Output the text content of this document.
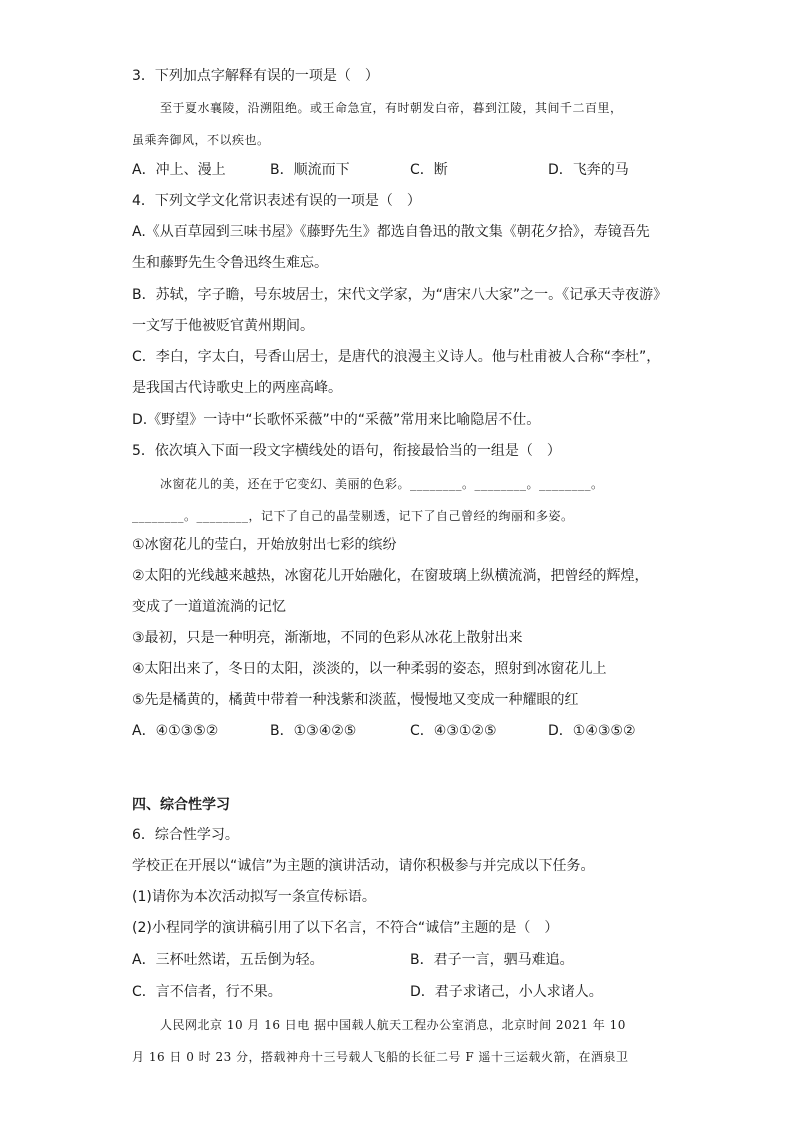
3．下列加点字解释有误的一项是（　）
至于夏水襄陵，沿溯阻绝。或王命急宣，有时朝发白帝，暮到江陵，其间千二百里，
虽乘奔御风，不以疾也。
A．冲上、漫上	B．顺流而下	C．断	D．飞奔的马
4．下列文学文化常识表述有误的一项是（　）
A.《从百草园到三味书屋》《藤野先生》都选自鲁迅的散文集《朝花夕拾》，寿镜吾先
生和藤野先生令鲁迅终生难忘。
B．苏轼，字子瞻，号东坡居士，宋代文学家，为“唐宋八大家”之一。《记承天寺夜游》
一文写于他被贬官黄州期间。
C．李白，字太白，号香山居士，是唐代的浪漫主义诗人。他与杜甫被人合称“李杜”，
是我国古代诗歌史上的两座高峰。
D.《野望》一诗中“长歌怀采薇”中的“采薇”常用来比喻隐居不仕。
5．依次填入下面一段文字横线处的语句，衔接最恰当的一组是（　）
冰窗花儿的美，还在于它变幻、美丽的色彩。________。________。________。
________。________，记下了自己的晶莹剔透，记下了自己曾经的绚丽和多姿。
①冰窗花儿的莹白，开始放射出七彩的缤纷
②太阳的光线越来越热，冰窗花儿开始融化，在窗玻璃上纵横流淌，把曾经的辉煌，
变成了一道道流淌的记忆
③最初，只是一种明亮，渐渐地，不同的色彩从冰花上散射出来
④太阳出来了，冬日的太阳，淡淡的，以一种柔弱的姿态，照射到冰窗花儿上
⑤先是橘黄的，橘黄中带着一种浅紫和淡蓝，慢慢地又变成一种耀眼的红
A．④①③⑤②	B．①③④②⑤	C．④③①②⑤	D．①④③⑤②
四、综合性学习
6．综合性学习。
学校正在开展以“诚信”为主题的演讲活动，请你积极参与并完成以下任务。
(1)请你为本次活动拟写一条宣传标语。
(2)小程同学的演讲稿引用了以下名言，不符合“诚信”主题的是（　）
A．三杯吐然诺，五岳倒为轻。	B．君子一言，驷马难追。
C．言不信者，行不果。	D．君子求诸己，小人求诸人。
人民网北京 10 月 16 日电 据中国载人航天工程办公室消息，北京时间 2021 年 10
月 16 日 0 时 23 分，搭载神舟十三号载人飞船的长征二号 F 遥十三运载火箭，在酒泉卫
